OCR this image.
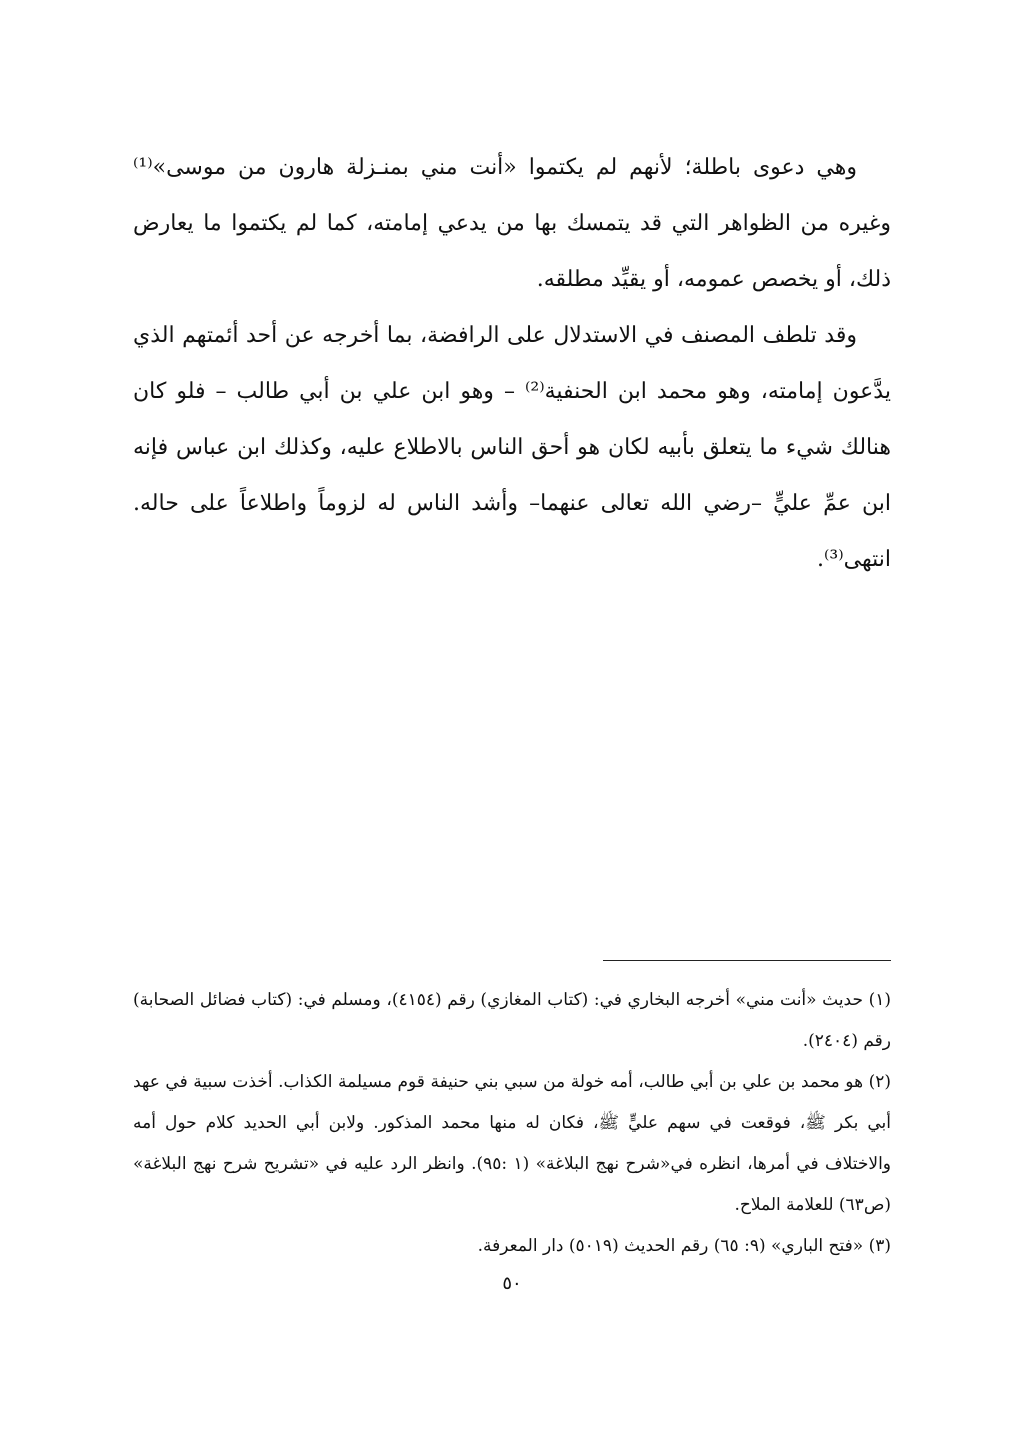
وهي دعوى باطلة؛ لأنهم لم يكتموا «أنت مني بمنـزلة هارون من موسى»⁽¹⁾ وغيره من الظواهر التي قد يتمسك بها من يدعي إمامته، كما لم يكتموا ما يعارض ذلك، أو يخصص عمومه، أو يقيِّد مطلقه.

وقد تلطف المصنف في الاستدلال على الرافضة، بما أخرجه عن أحد أئمتهم الذي يدَّعون إمامته، وهو محمد ابن الحنفية⁽²⁾ – وهو ابن علي بن أبي طالب – فلو كان هنالك شيء ما يتعلق بأبيه لكان هو أحق الناس بالاطلاع عليه، وكذلك ابن عباس فإنه ابن عمِّ عليٍّ –رضي الله تعالى عنهما– وأشد الناس له لزوماً واطلاعاً على حاله. انتهى⁽³⁾.

(١) حديث «أنت مني» أخرجه البخاري في: (كتاب المغازي) رقم (٤١٥٤)، ومسلم في: (كتاب فضائل الصحابة) رقم (٢٤٠٤).

(٢) هو محمد بن علي بن أبي طالب، أمه خولة من سبي بني حنيفة قوم مسيلمة الكذاب. أخذت سبية في عهد أبي بكر ﷺ، فوقعت في سهم عليٍّ ﷺ، فكان له منها محمد المذكور. ولابن أبي الحديد كلام حول أمه والاختلاف في أمرها، انظره في«شرح نهج البلاغة» (١ :٩٥). وانظر الرد عليه في «تشريح شرح نهج البلاغة» (ص٦٣) للعلامة الملاح.

(٣) «فتح الباري» (٩: ٦٥) رقم الحديث (٥٠١٩) دار المعرفة.

٥٠
